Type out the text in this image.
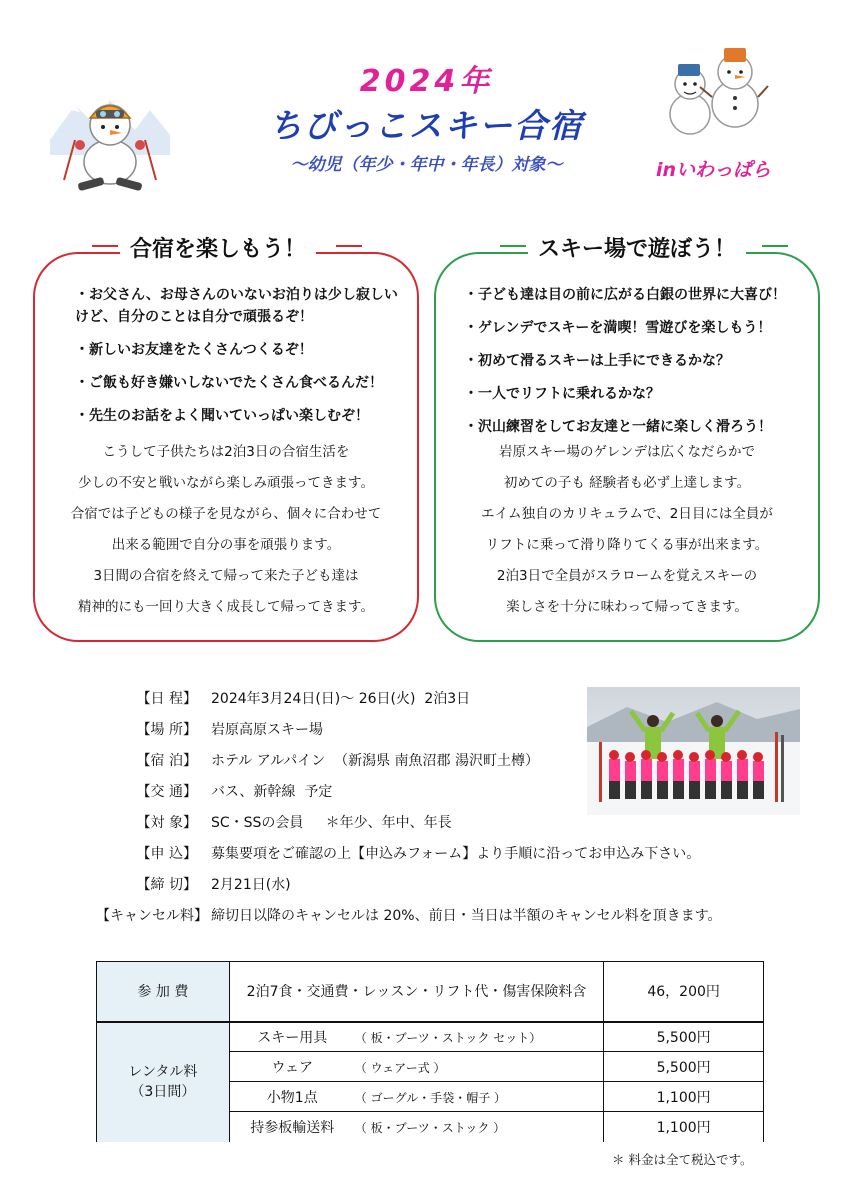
2024年
ちびっこスキー合宿
～幼児（年少・年中・年長）対象～	inいわっぱら
合宿を楽しもう！
・お父さん、お母さんのいないお泊りは少し寂しい　けど、自分のことは自分で頑張るぞ！
・新しいお友達をたくさんつくるぞ！
・ご飯も好き嫌いしないでたくさん食べるんだ！
・先生のお話をよく聞いていっぱい楽しむぞ！
こうして子供たちは2泊3日の合宿生活を
少しの不安と戦いながら楽しみ頑張ってきます。
合宿では子どもの様子を見ながら、個々に合わせて
出来る範囲で自分の事を頑張ります。
3日間の合宿を終えて帰って来た子ども達は
精神的にも一回り大きく成長して帰ってきます。
スキー場で遊ぼう！
・子ども達は目の前に広がる白銀の世界に大喜び！
・ゲレンデでスキーを満喫！雪遊びを楽しもう！
・初めて滑るスキーは上手にできるかな？
・一人でリフトに乗れるかな？
・沢山練習をしてお友達と一緒に楽しく滑ろう！
岩原スキー場のゲレンデは広くなだらかで
初めての子も 経験者も必ず上達します。
エイム独自のカリキュラムで、2日目には全員が
リフトに乗って滑り降りてくる事が出来ます。
2泊3日で全員がスラロームを覚えスキーの
楽しさを十分に味わって帰ってきます。
【日 程】	2024年3月24日(日)～ 26日(火)  2泊3日
【場 所】	岩原高原スキー場
【宿 泊】	ホテル アルパイン  （新潟県 南魚沼郡 湯沢町土樽）
【交 通】	バス、新幹線  予定
【対 象】	SC・SSの会員     ＊年少、年中、年長
【申 込】	募集要項をご確認の上【申込みフォーム】より手順に沿ってお申込み下さい。
【締 切】	2月21日(水)
【キャンセル料】 締切日以降のキャンセルは 20%、前日・当日は半額のキャンセル料を頂きます。
参 加 費	2泊7食・交通費・レッスン・リフト代・傷害保険料含	46，200円

レンタル料
（3日間）	スキー用具 （ 板・ブーツ・ストック セット）	5,500円
	ウェア （ ウェアー式 ）	5,500円
	小物1点 （ ゴーグル・手袋・帽子 ）	1,100円
	持参板輸送料 （ 板・ブーツ・ストック ）	1,100円
＊ 料金は全て税込です。
